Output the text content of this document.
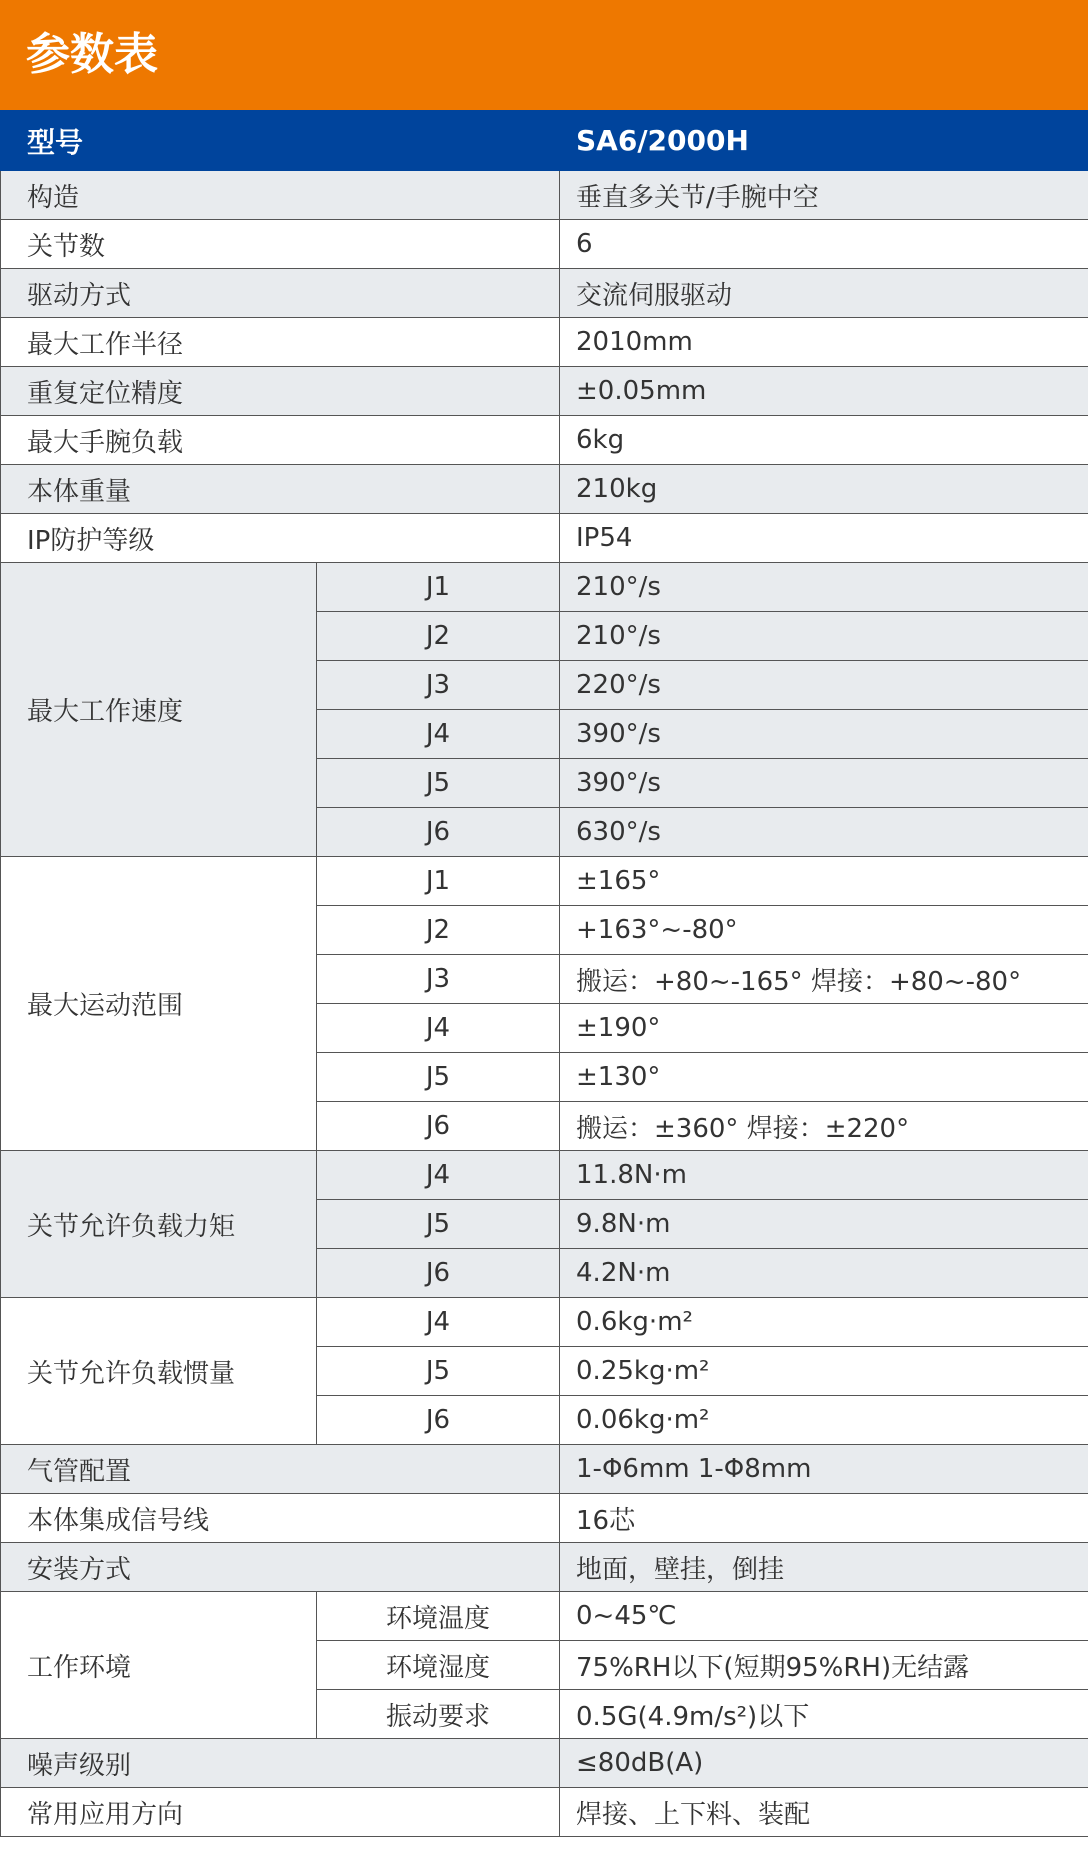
参数表
型号		SA6/2000H
构造		垂直多关节/手腕中空
关节数		6
驱动方式		交流伺服驱动
最大工作半径		2010mm
重复定位精度		±0.05mm
最大手腕负载		6kg
本体重量		210kg
IP防护等级		IP54
最大工作速度	J1	210°/s
	J2	210°/s
	J3	220°/s
	J4	390°/s
	J5	390°/s
	J6	630°/s
最大运动范围	J1	±165°
	J2	+163°~-80°
	J3	搬运：+80~-165° 焊接：+80~-80°
	J4	±190°
	J5	±130°
	J6	搬运：±360° 焊接：±220°
关节允许负载力矩	J4	11.8N·m
	J5	9.8N·m
	J6	4.2N·m
关节允许负载惯量	J4	0.6kg·m²
	J5	0.25kg·m²
	J6	0.06kg·m²
气管配置		1-Φ6mm 1-Φ8mm
本体集成信号线		16芯
安装方式		地面，壁挂，倒挂
工作环境	环境温度	0~45℃
	环境湿度	75%RH以下(短期95%RH)无结露
	振动要求	0.5G(4.9m/s²)以下
噪声级别		≤80dB(A)
常用应用方向		焊接、上下料、装配
